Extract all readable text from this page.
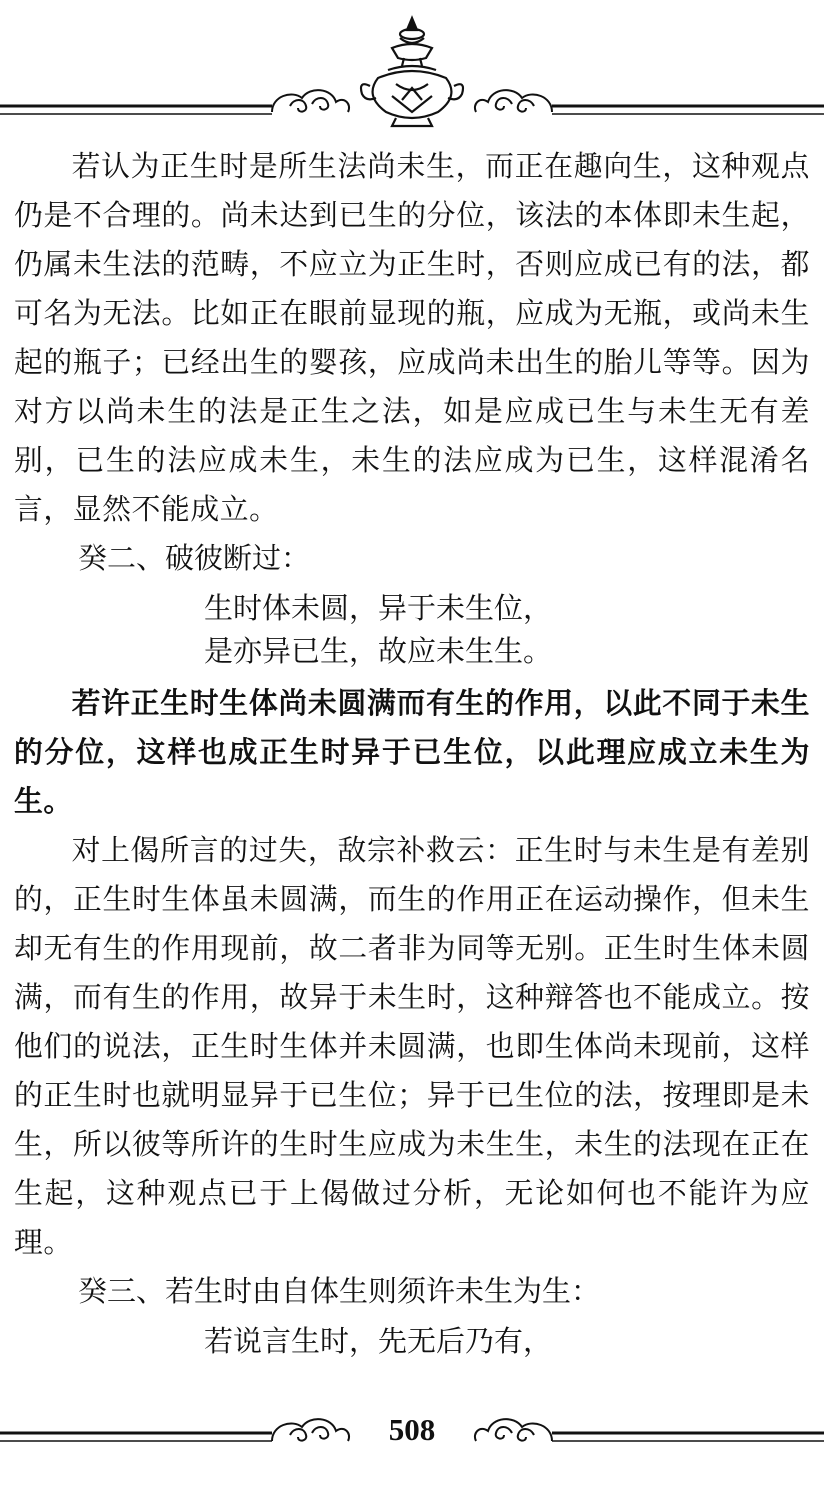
若认为正生时是所生法尚未生，而正在趣向生，这种观点仍是不合理的。尚未达到已生的分位，该法的本体即未生起，仍属未生法的范畴，不应立为正生时，否则应成已有的法，都可名为无法。比如正在眼前显现的瓶，应成为无瓶，或尚未生起的瓶子；已经出生的婴孩，应成尚未出生的胎儿等等。因为对方以尚未生的法是正生之法，如是应成已生与未生无有差别，已生的法应成未生，未生的法应成为已生，这样混淆名言，显然不能成立。

癸二、破彼断过：

生时体未圆，异于未生位，

是亦异已生，故应未生生。

若许正生时生体尚未圆满而有生的作用，以此不同于未生的分位，这样也成正生时异于已生位，以此理应成立未生为生。

对上偈所言的过失，敌宗补救云：正生时与未生是有差别的，正生时生体虽未圆满，而生的作用正在运动操作，但未生却无有生的作用现前，故二者非为同等无别。正生时生体未圆满，而有生的作用，故异于未生时，这种辩答也不能成立。按他们的说法，正生时生体并未圆满，也即生体尚未现前，这样的正生时也就明显异于已生位；异于已生位的法，按理即是未生，所以彼等所许的生时生应成为未生生，未生的法现在正在生起，这种观点已于上偈做过分析，无论如何也不能许为应理。

癸三、若生时由自体生则须许未生为生：

若说言生时，先无后乃有，

508
